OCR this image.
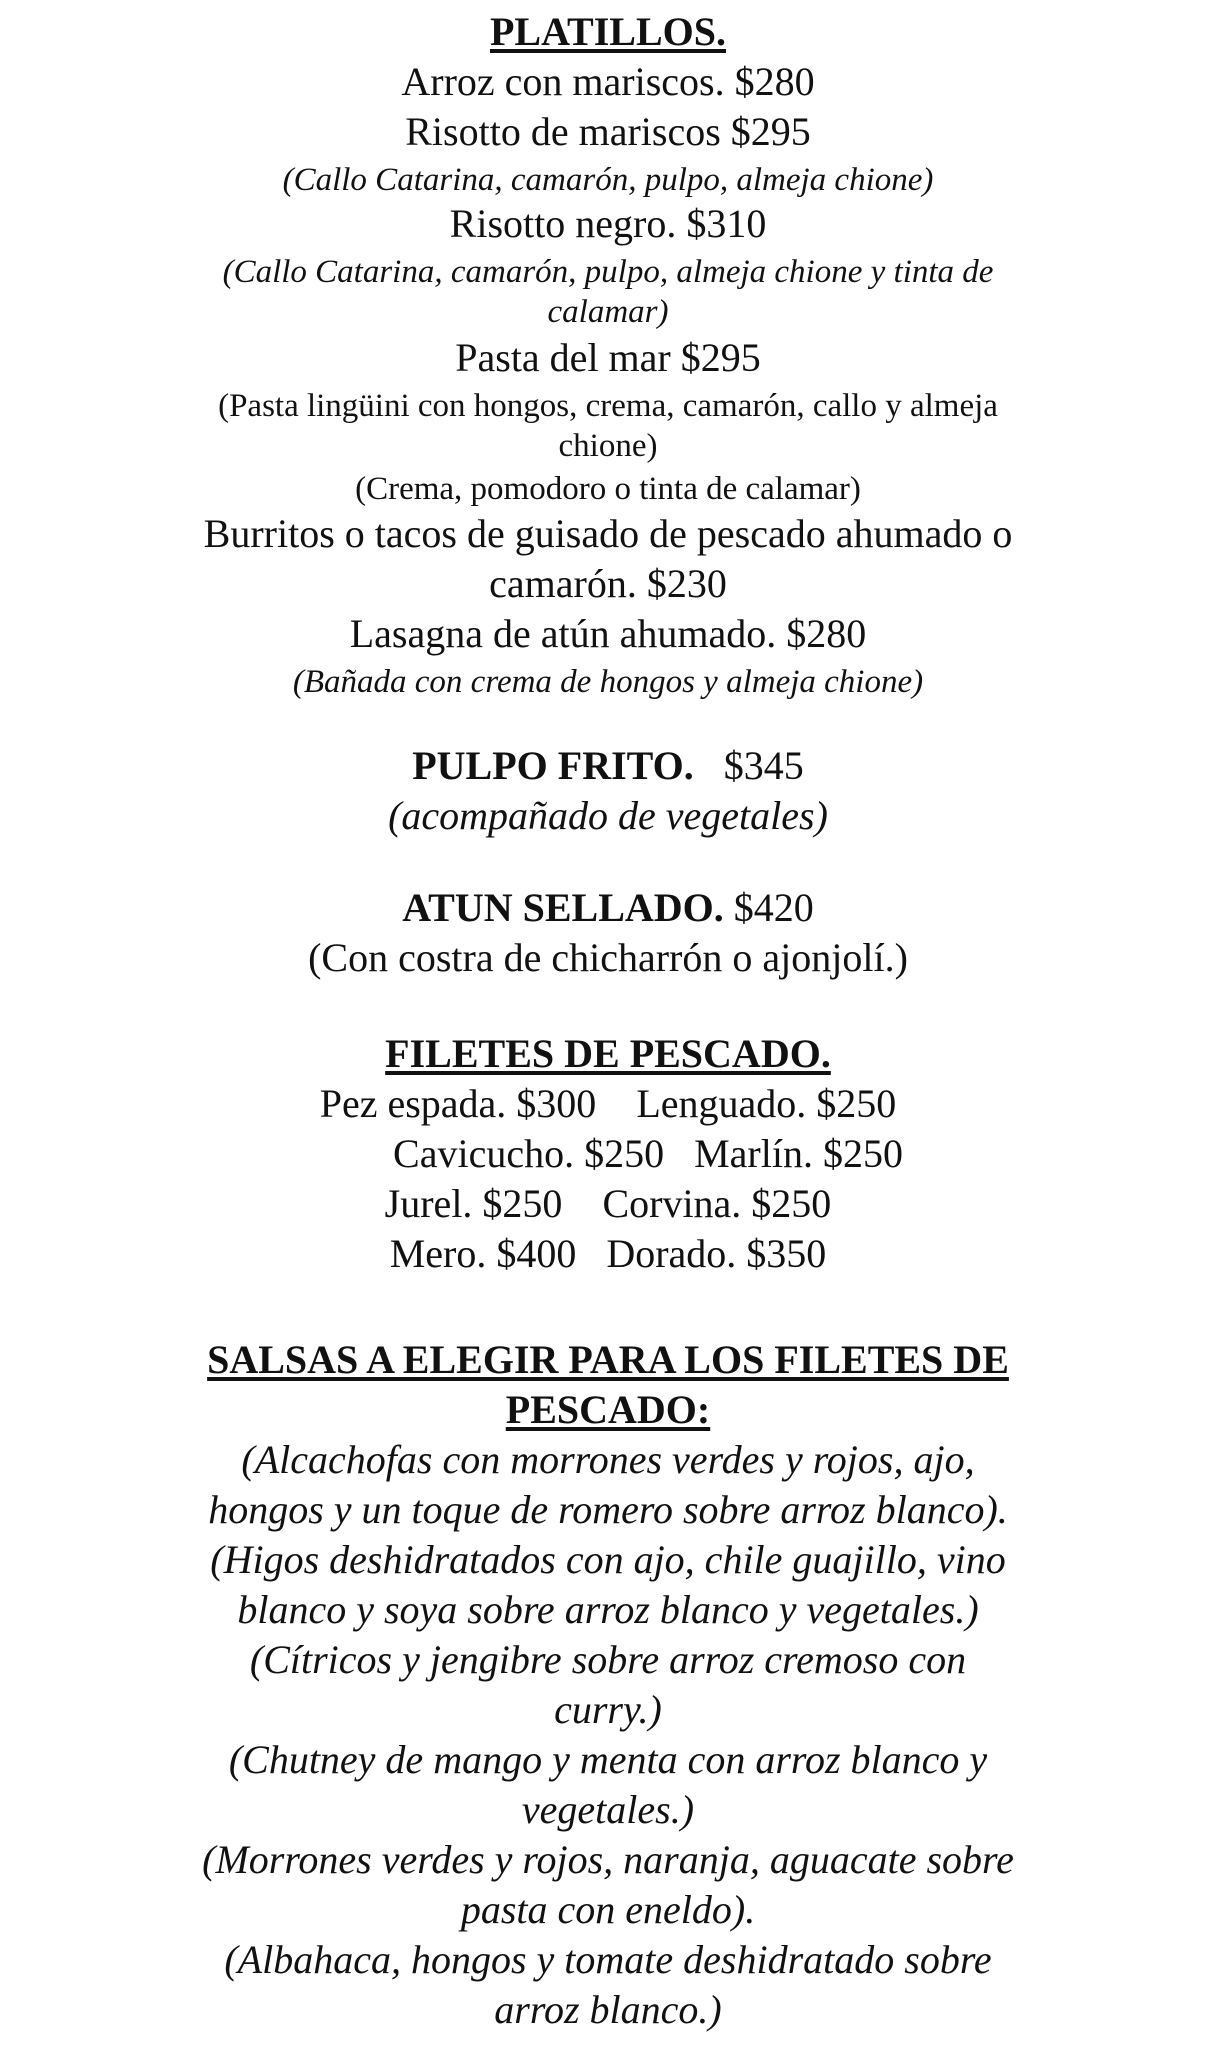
PLATILLOS.
Arroz con mariscos. $280
Risotto de mariscos $295
(Callo Catarina, camarón, pulpo, almeja chione)
Risotto negro. $310
(Callo Catarina, camarón, pulpo, almeja chione y tinta de
calamar)
Pasta del mar $295
(Pasta lingüini con hongos, crema, camarón, callo y almeja
chione)
(Crema, pomodoro o tinta de calamar)
Burritos o tacos de guisado de pescado ahumado o
camarón. $230
Lasagna de atún ahumado. $280
(Bañada con crema de hongos y almeja chione)
PULPO FRITO. $345
(acompañado de vegetales)
ATUN SELLADO. $420
(Con costra de chicharrón o ajonjolí.)
FILETES DE PESCADO.
Pez espada. $300 Lenguado. $250
Cavicucho. $250 Marlín. $250
Jurel. $250 Corvina. $250
Mero. $400 Dorado. $350
SALSAS A ELEGIR PARA LOS FILETES DE
PESCADO:
(Alcachofas con morrones verdes y rojos, ajo,
hongos y un toque de romero sobre arroz blanco).
(Higos deshidratados con ajo, chile guajillo, vino
blanco y soya sobre arroz blanco y vegetales.)
(Cítricos y jengibre sobre arroz cremoso con
curry.)
(Chutney de mango y menta con arroz blanco y
vegetales.)
(Morrones verdes y rojos, naranja, aguacate sobre
pasta con eneldo).
(Albahaca, hongos y tomate deshidratado sobre
arroz blanco.)
